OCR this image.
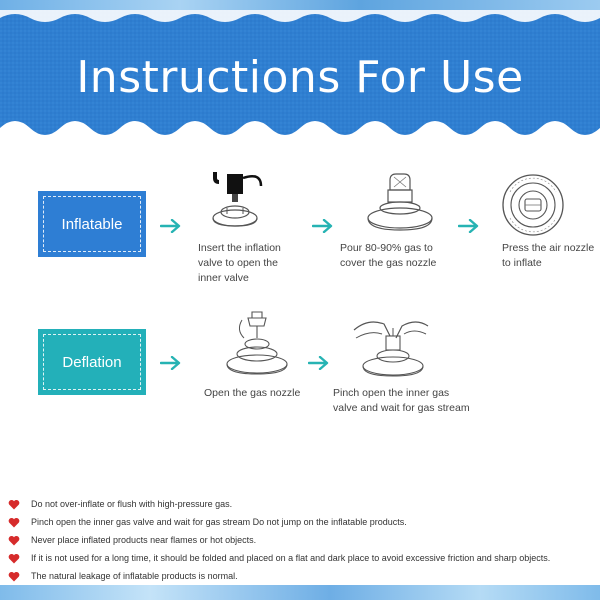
Instructions For Use
Inflatable
Insert the inflation
valve to open the
inner valve
Pour 80-90% gas to
cover the gas nozzle
Press the air nozzle
to inflate
Deflation
Open the gas nozzle	Pinch open the inner gas
valve and wait for gas stream
Do not over-inflate or flush with high-pressure gas.
Pinch open the inner gas valve and wait for gas stream Do not jump on the inflatable products.
Never place inflated products near flames or hot objects.
If it is not used for a long time, it should be folded and placed on a flat and dark place to avoid excessive friction and sharp objects.
The natural leakage of inflatable products is normal.
